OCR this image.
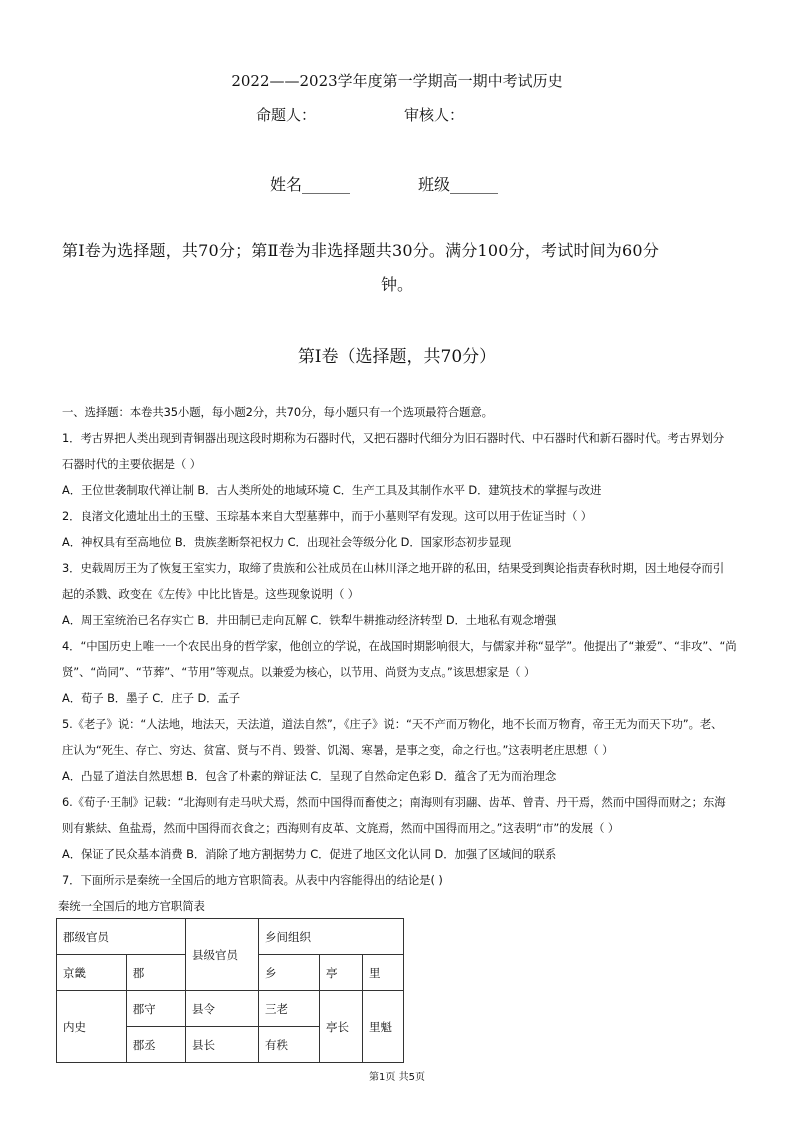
2022——2023学年度第一学期高一期中考试历史
命题人：	审核人：
姓名______	班级______
第Ⅰ卷为选择题，共70分；第Ⅱ卷为非选择题共30分。满分100分，考试时间为60分
钟。
第Ⅰ卷（选择题，共70分）
一、选择题：本卷共35小题，每小题2分，共70分，每小题只有一个选项最符合题意。
1．考古界把人类出现到青铜器出现这段时期称为石器时代，又把石器时代细分为旧石器时代、中石器时代和新石器时代。考古界划分
石器时代的主要依据是（ ）
A．王位世袭制取代禅让制 B．古人类所处的地域环境 C．生产工具及其制作水平 D．建筑技术的掌握与改进
2．良渚文化遗址出土的玉璧、玉琮基本来自大型墓葬中，而于小墓则罕有发现。这可以用于佐证当时（ ）
A．神权具有至高地位 B．贵族垄断祭祀权力 C．出现社会等级分化 D．国家形态初步显现
3．史载周厉王为了恢复王室实力，取缔了贵族和公社成员在山林川泽之地开辟的私田，结果受到舆论指责春秋时期，因土地侵夺而引
起的杀戮、政变在《左传》中比比皆是。这些现象说明（ ）
A．周王室统治已名存实亡 B．井田制已走向瓦解 C．铁犁牛耕推动经济转型 D．土地私有观念增强
4．“中国历史上唯一一个农民出身的哲学家，他创立的学说，在战国时期影响很大，与儒家并称“显学”。他提出了“兼爱”、“非攻”、“尚
贤”、“尚同”、“节葬”、“节用”等观点。以兼爱为核心，以节用、尚贤为支点。”该思想家是（ ）
A．荀子 B．墨子 C．庄子 D．孟子
5.《老子》说：“人法地，地法天，天法道，道法自然”，《庄子》说：“天不产而万物化，地不长而万物育，帝王无为而天下功”。老、
庄认为“死生、存亡、穷达、贫富、贤与不肖、毁誉、饥渴、寒暑，是事之变，命之行也。”这表明老庄思想（ ）
A．凸显了道法自然思想 B．包含了朴素的辩证法 C．呈现了自然命定色彩 D．蕴含了无为而治理念
6.《荀子·王制》记载：“北海则有走马吠犬焉，然而中国得而畜使之；南海则有羽翮、齿革、曾青、丹干焉，然而中国得而财之；东海
则有紫紶、鱼盐焉，然而中国得而衣食之；西海则有皮革、文旄焉，然而中国得而用之。”这表明“市”的发展（ ）
A．保证了民众基本消费 B．消除了地方割据势力 C．促进了地区文化认同 D．加强了区域间的联系
7．下面所示是秦统一全国后的地方官职简表。从表中内容能得出的结论是( )
秦统一全国后的地方官职简表
郡级官员		县级官员	乡间组织		
京畿	郡		乡	亭	里
内史	郡守	县令	三老	亭长	里魁
	郡丞	县长	有秩		
第1页 共5页
